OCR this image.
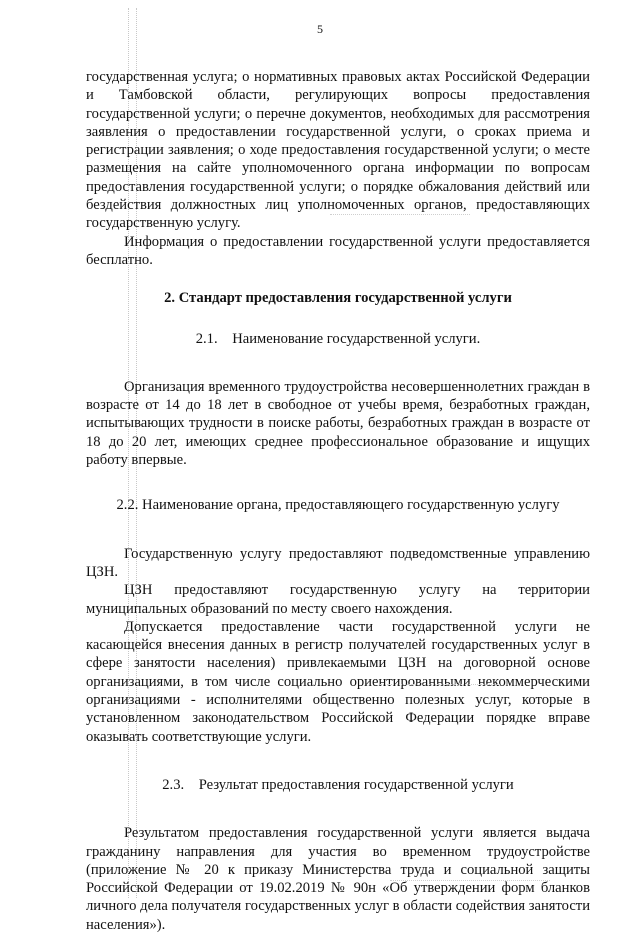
5

государственная услуга; о нормативных правовых актах Российской Федерации и Тамбовской области, регулирующих вопросы предоставления государственной услуги; о перечне документов, необходимых для рассмотрения заявления о предоставлении государственной услуги, о сроках приема и регистрации заявления; о ходе предоставления государственной услуги; о месте размещения на сайте уполномоченного органа информации по вопросам предоставления государственной услуги; о порядке обжалования действий или бездействия должностных лиц уполномоченных органов, предоставляющих государственную услугу.

Информация о предоставлении государственной услуги предоставляется бесплатно.

2. Стандарт предоставления государственной услуги

2.1.    Наименование государственной услуги.

Организация временного трудоустройства несовершеннолетних граждан в возрасте от 14 до 18 лет в свободное от учебы время, безработных граждан, испытывающих трудности в поиске работы, безработных граждан в возрасте от 18 до 20 лет, имеющих среднее профессиональное образование и ищущих работу впервые.

2.2. Наименование органа, предоставляющего государственную услугу

Государственную услугу предоставляют подведомственные управлению ЦЗН.

ЦЗН предоставляют государственную услугу на территории муниципальных образований по месту своего нахождения.

Допускается предоставление части государственной услуги не касающейся внесения данных в регистр получателей государственных услуг в сфере занятости населения) привлекаемыми ЦЗН на договорной основе организациями, в том числе социально ориентированными некоммерческими организациями - исполнителями общественно полезных услуг, которые в установленном законодательством Российской Федерации порядке вправе оказывать соответствующие услуги.

2.3.    Результат предоставления государственной услуги

Результатом предоставления государственной услуги является выдача гражданину направления для участия во временном трудоустройстве (приложение № 20 к приказу Министерства труда и социальной защиты Российской Федерации от 19.02.2019 № 90н «Об утверждении форм бланков личного дела получателя государственных услуг в области содействия занятости населения»).
